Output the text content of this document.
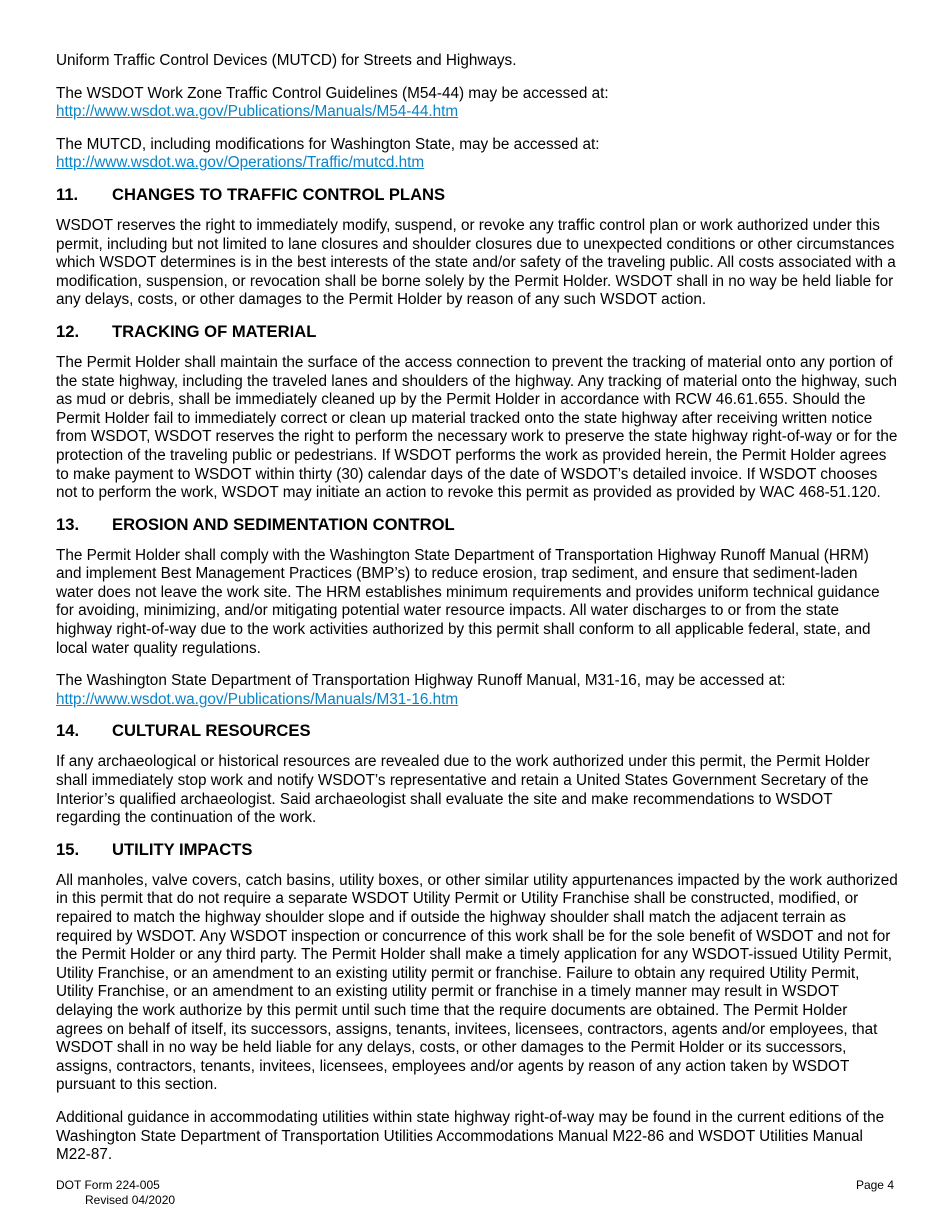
Uniform Traffic Control Devices (MUTCD) for Streets and Highways.

The WSDOT Work Zone Traffic Control Guidelines (M54-44) may be accessed at:
http://www.wsdot.wa.gov/Publications/Manuals/M54-44.htm

The MUTCD, including modifications for Washington State, may be accessed at:
http://www.wsdot.wa.gov/Operations/Traffic/mutcd.htm

11.	CHANGES TO TRAFFIC CONTROL PLANS

WSDOT reserves the right to immediately modify, suspend, or revoke any traffic control plan or work authorized under this permit, including but not limited to lane closures and shoulder closures due to unexpected conditions or other circumstances which WSDOT determines is in the best interests of the state and/or safety of the traveling public. All costs associated with a modification, suspension, or revocation shall be borne solely by the Permit Holder. WSDOT shall in no way be held liable for any delays, costs, or other damages to the Permit Holder by reason of any such WSDOT action.

12.	TRACKING OF MATERIAL

The Permit Holder shall maintain the surface of the access connection to prevent the tracking of material onto any portion of the state highway, including the traveled lanes and shoulders of the highway. Any tracking of material onto the highway, such as mud or debris, shall be immediately cleaned up by the Permit Holder in accordance with RCW 46.61.655. Should the Permit Holder fail to immediately correct or clean up material tracked onto the state highway after receiving written notice from WSDOT, WSDOT reserves the right to perform the necessary work to preserve the state highway right-of-way or for the protection of the traveling public or pedestrians. If WSDOT performs the work as provided herein, the Permit Holder agrees to make payment to WSDOT within thirty (30) calendar days of the date of WSDOT’s detailed invoice. If WSDOT chooses not to perform the work, WSDOT may initiate an action to revoke this permit as provided as provided by WAC 468-51.120.

13.	EROSION AND SEDIMENTATION CONTROL

The Permit Holder shall comply with the Washington State Department of Transportation Highway Runoff Manual (HRM) and implement Best Management Practices (BMP’s) to reduce erosion, trap sediment, and ensure that sediment-laden water does not leave the work site. The HRM establishes minimum requirements and provides uniform technical guidance for avoiding, minimizing, and/or mitigating potential water resource impacts. All water discharges to or from the state highway right-of-way due to the work activities authorized by this permit shall conform to all applicable federal, state, and local water quality regulations.

The Washington State Department of Transportation Highway Runoff Manual, M31-16, may be accessed at: http://www.wsdot.wa.gov/Publications/Manuals/M31-16.htm

14.	CULTURAL RESOURCES

If any archaeological or historical resources are revealed due to the work authorized under this permit, the Permit Holder shall immediately stop work and notify WSDOT’s representative and retain a United States Government Secretary of the Interior’s qualified archaeologist. Said archaeologist shall evaluate the site and make recommendations to WSDOT regarding the continuation of the work.

15.	UTILITY IMPACTS

All manholes, valve covers, catch basins, utility boxes, or other similar utility appurtenances impacted by the work authorized in this permit that do not require a separate WSDOT Utility Permit or Utility Franchise shall be constructed, modified, or repaired to match the highway shoulder slope and if outside the highway shoulder shall match the adjacent terrain as required by WSDOT. Any WSDOT inspection or concurrence of this work shall be for the sole benefit of WSDOT and not for the Permit Holder or any third party. The Permit Holder shall make a timely application for any WSDOT-issued Utility Permit, Utility Franchise, or an amendment to an existing utility permit or franchise. Failure to obtain any required Utility Permit, Utility Franchise, or an amendment to an existing utility permit or franchise in a timely manner may result in WSDOT delaying the work authorize by this permit until such time that the require documents are obtained. The Permit Holder agrees on behalf of itself, its successors, assigns, tenants, invitees, licensees, contractors, agents and/or employees, that WSDOT shall in no way be held liable for any delays, costs, or other damages to the Permit Holder or its successors, assigns, contractors, tenants, invitees, licensees, employees and/or agents by reason of any action taken by WSDOT pursuant to this section.

Additional guidance in accommodating utilities within state highway right-of-way may be found in the current editions of the Washington State Department of Transportation Utilities Accommodations Manual M22-86 and WSDOT Utilities Manual M22-87.

DOT Form 224-005
Revised 04/2020
Page 4
